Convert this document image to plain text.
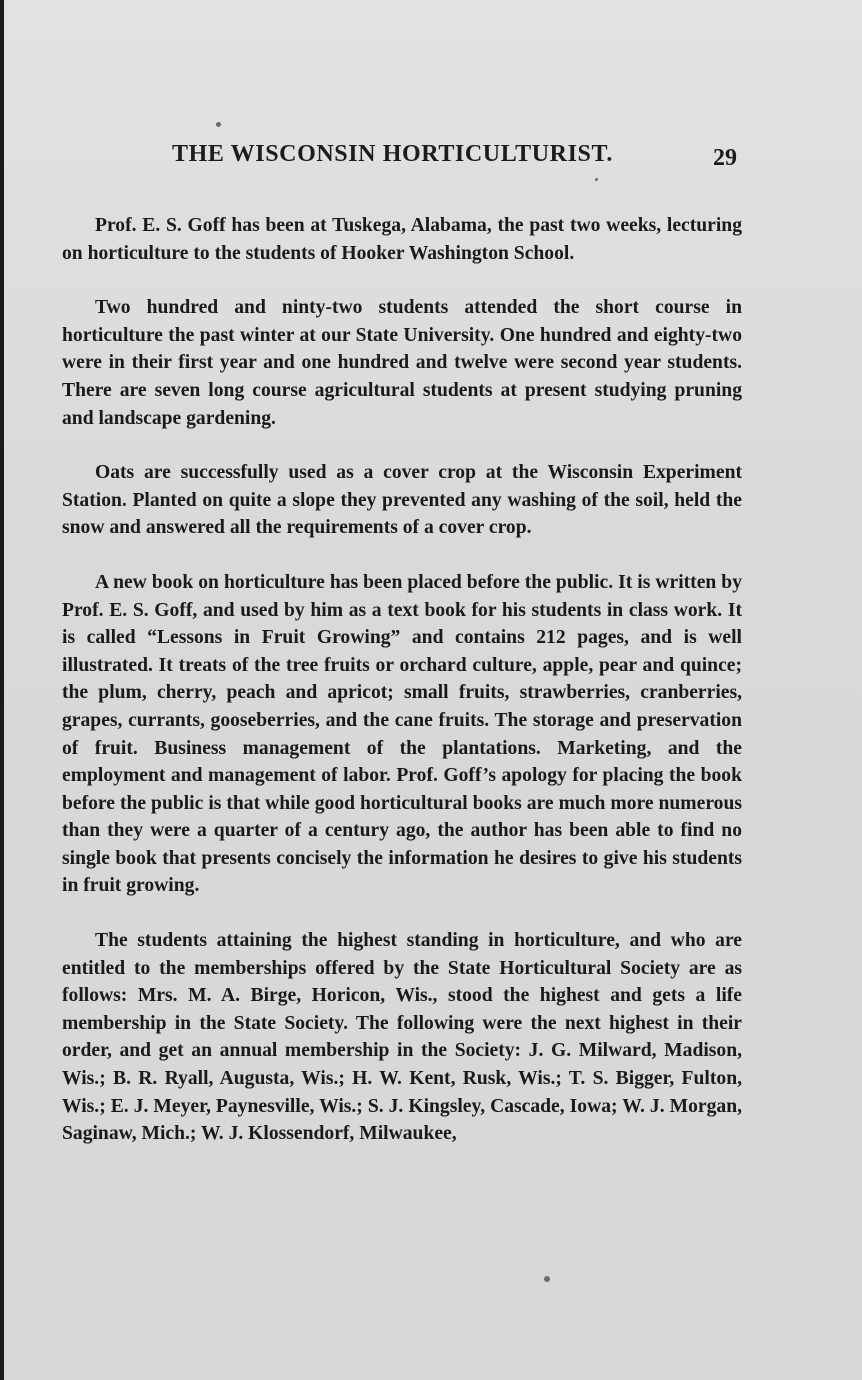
THE WISCONSIN HORTICULTURIST.	29

Prof. E. S. Goff has been at Tuskega, Alabama, the past two weeks, lecturing on horticulture to the students of Hooker Washington School.

Two hundred and ninty-two students attended the short course in horticulture the past winter at our State University. One hundred and eighty-two were in their first year and one hundred and twelve were second year students. There are seven long course agricultural students at present studying pruning and landscape gardening.

Oats are successfully used as a cover crop at the Wisconsin Experiment Station. Planted on quite a slope they prevented any washing of the soil, held the snow and answered all the requirements of a cover crop.

A new book on horticulture has been placed before the public. It is written by Prof. E. S. Goff, and used by him as a text book for his students in class work. It is called “Lessons in Fruit Growing” and contains 212 pages, and is well illustrated. It treats of the tree fruits or orchard culture, apple, pear and quince; the plum, cherry, peach and apricot; small fruits, strawberries, cranberries, grapes, currants, gooseberries, and the cane fruits. The storage and preservation of fruit. Business management of the plantations. Marketing, and the employment and management of labor. Prof. Goff’s apology for placing the book before the public is that while good horticultural books are much more numerous than they were a quarter of a century ago, the author has been able to find no single book that presents concisely the information he desires to give his students in fruit growing.

The students attaining the highest standing in horticulture, and who are entitled to the memberships offered by the State Horticultural Society are as follows: Mrs. M. A. Birge, Horicon, Wis., stood the highest and gets a life membership in the State Society. The following were the next highest in their order, and get an annual membership in the Society: J. G. Milward, Madison, Wis.; B. R. Ryall, Augusta, Wis.; H. W. Kent, Rusk, Wis.; T. S. Bigger, Fulton, Wis.; E. J. Meyer, Paynesville, Wis.; S. J. Kingsley, Cascade, Iowa; W. J. Morgan, Saginaw, Mich.; W. J. Klossendorf, Milwaukee,
